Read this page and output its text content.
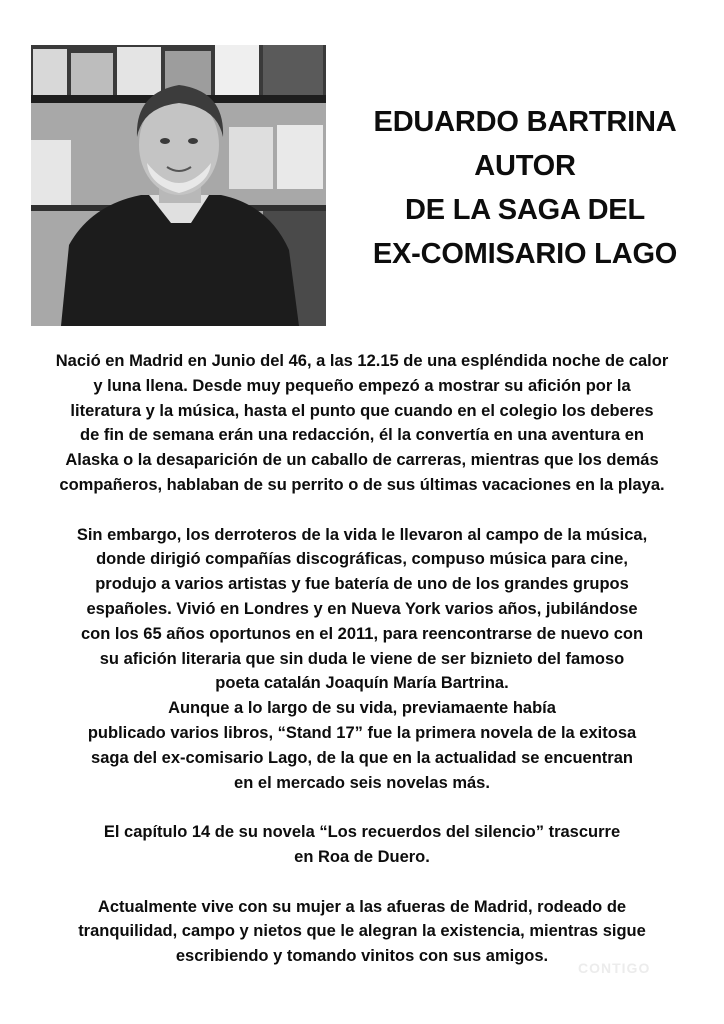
EDUARDO BARTRINA
AUTOR
DE LA SAGA DEL
EX-COMISARIO LAGO
Nació en Madrid en Junio del 46, a las 12.15 de una espléndida noche de calor
y luna llena. Desde muy pequeño empezó a mostrar su afición por la
literatura y la música, hasta el punto que cuando en el colegio los deberes
de fin de semana erán una redacción, él la convertía en una aventura en
Alaska o la desaparición de un caballo de carreras, mientras que los demás
compañeros, hablaban de su perrito o de sus últimas vacaciones en la playa.
Sin embargo, los derroteros de la vida le llevaron al campo de la música,
donde dirigió compañías discográficas, compuso música para cine,
produjo a varios artistas y fue batería de uno de los grandes grupos
españoles. Vivió en Londres y en Nueva York varios años, jubilándose
con los 65 años oportunos en el 2011, para reencontrarse de nuevo con
su afición literaria que sin duda le viene de ser biznieto del famoso
poeta catalán Joaquín María Bartrina.
Aunque a lo largo de su vida, previamaente había
publicado varios libros, “Stand 17” fue la primera novela de la exitosa
saga del ex-comisario Lago, de la que en la actualidad se encuentran
en el mercado seis novelas más.
El capítulo 14 de su novela “Los recuerdos del silencio” trascurre
en Roa de Duero.
Actualmente vive con su mujer a las afueras de Madrid, rodeado de
tranquilidad, campo y nietos que le alegran la existencia, mientras sigue
escribiendo y tomando vinitos con sus amigos.
CONTIGO
